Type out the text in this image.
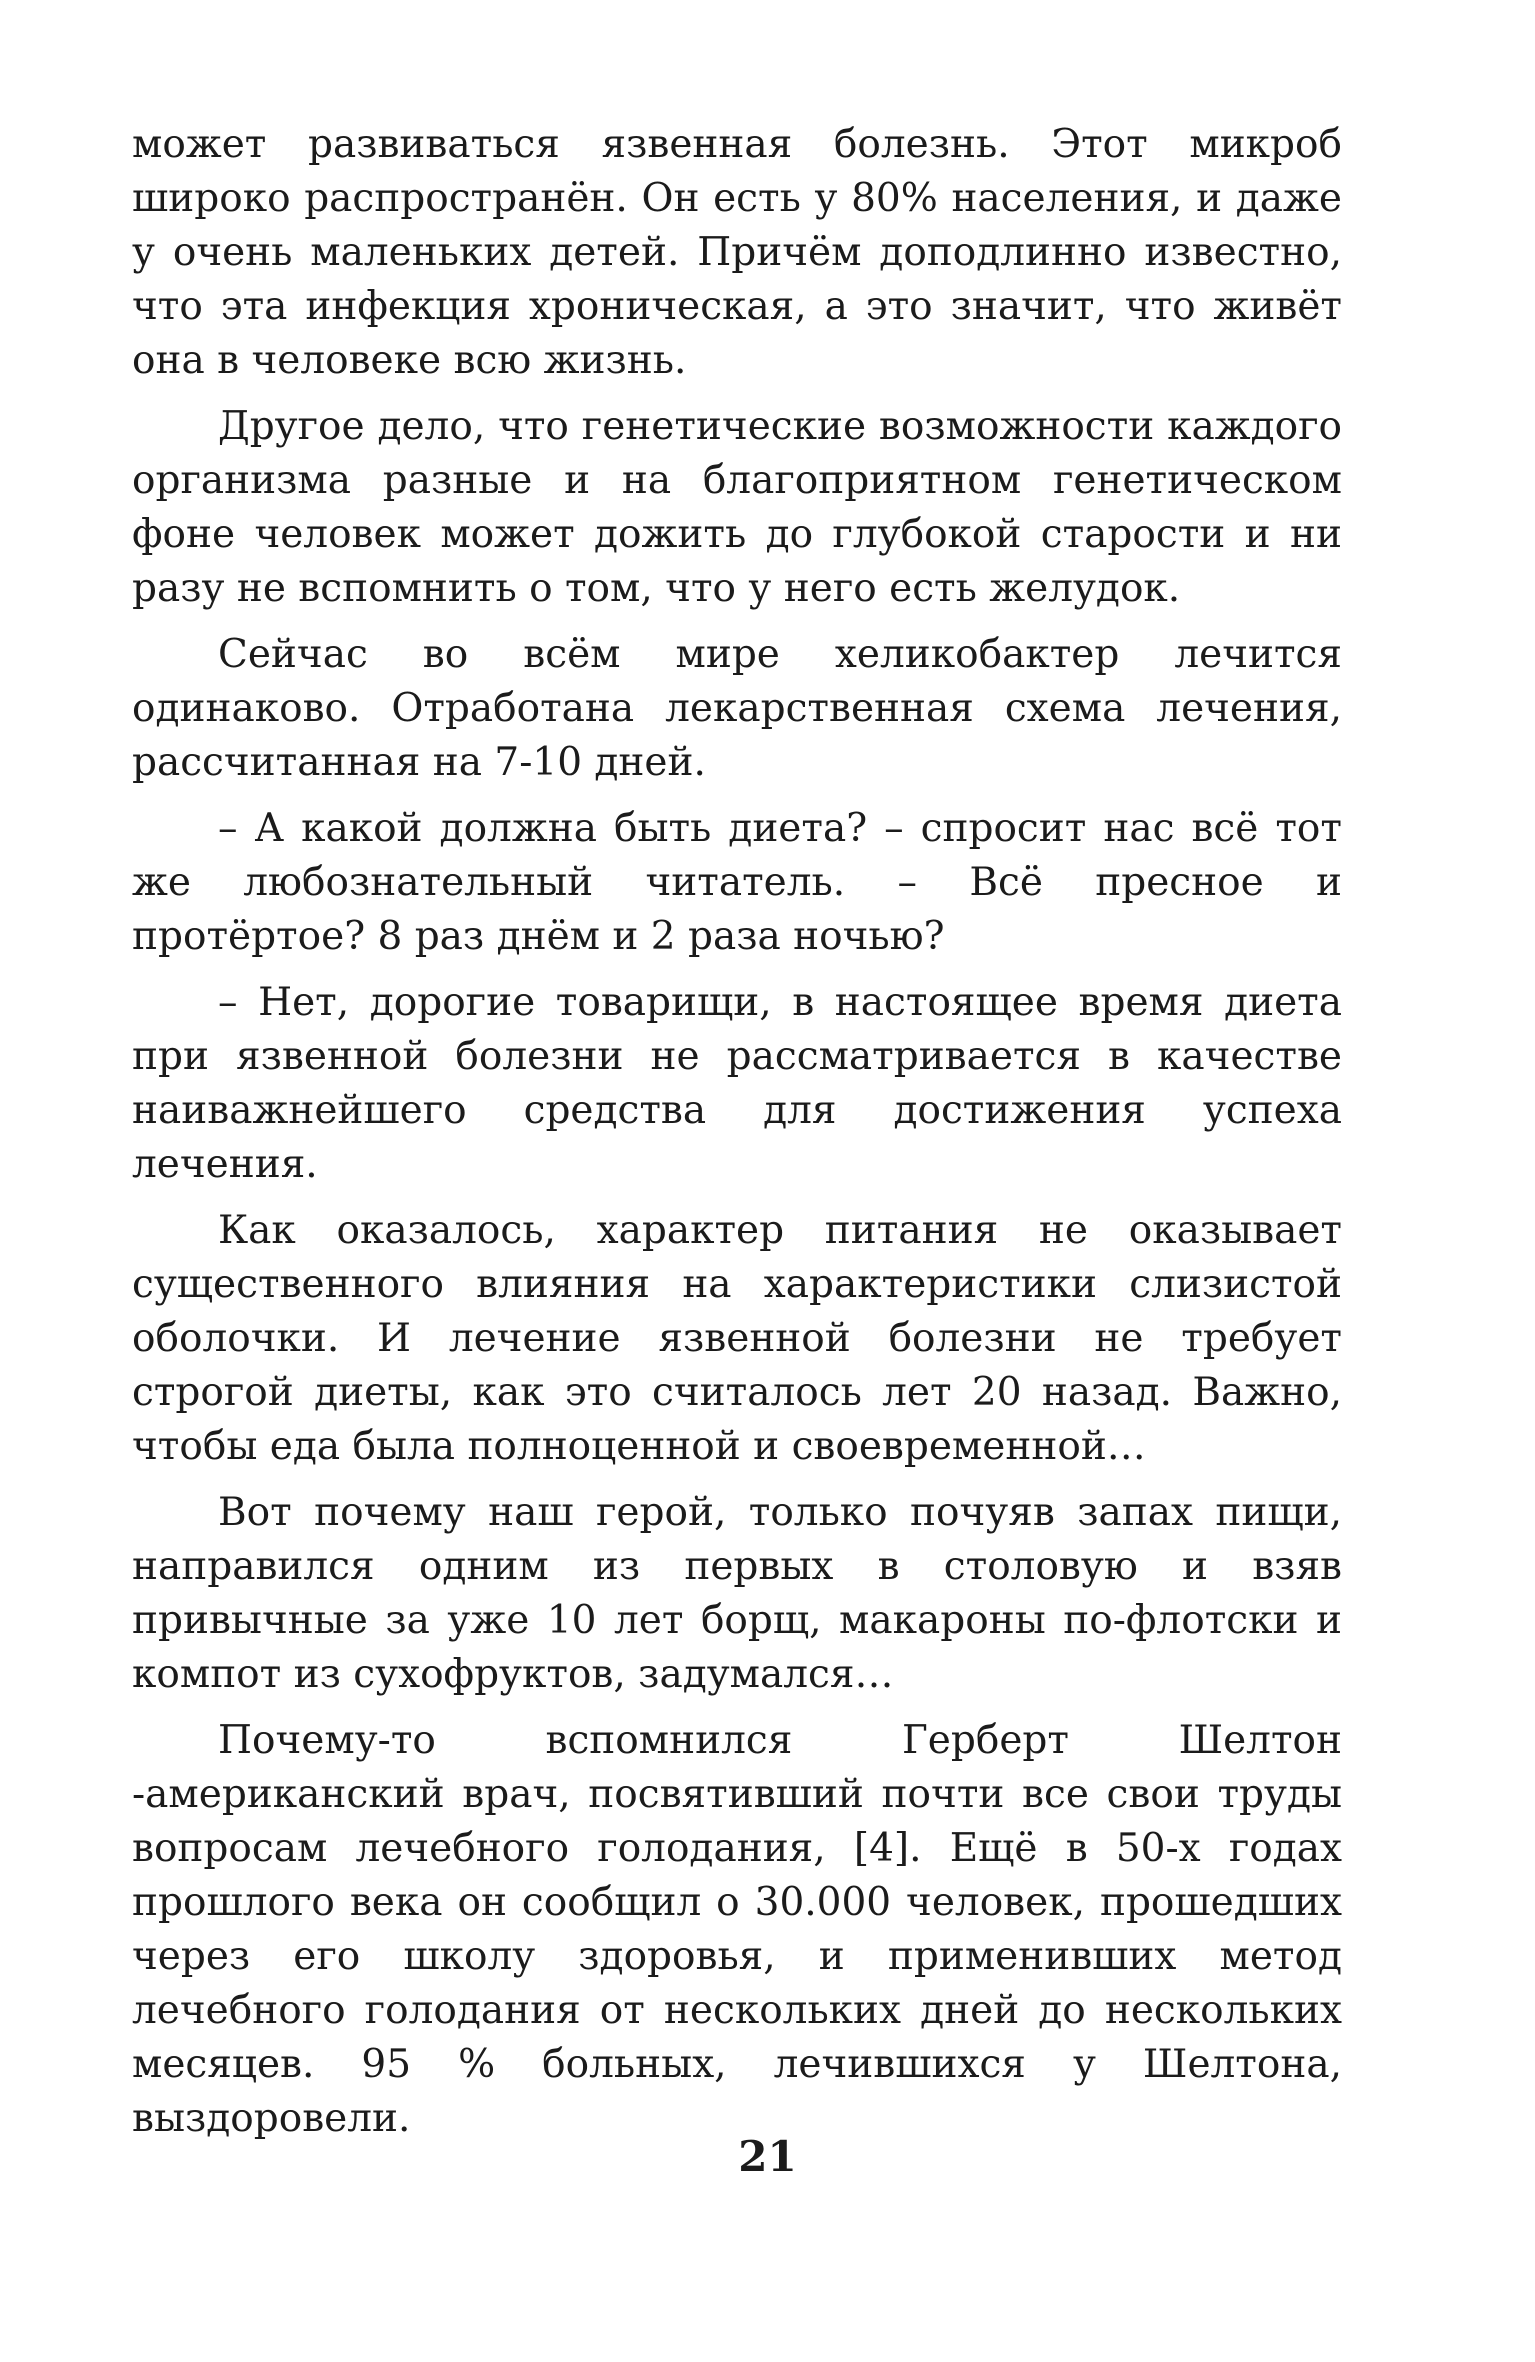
может развиваться язвенная болезнь. Этот микроб широко распространён. Он есть у 80% населения, и даже у очень маленьких детей. Причём доподлинно известно, что эта инфекция хроническая, а это значит, что живёт она в человеке всю жизнь.

Другое дело, что генетические возможности каждого организма разные и на благоприятном генетическом фоне человек может дожить до глубокой старости и ни разу не вспомнить о том, что у него есть желудок.

Сейчас во всём мире хеликобактер лечится одинаково. Отработана лекарственная схема лечения, рассчитанная на 7-10 дней.

– А какой должна быть диета? – спросит нас всё тот же любознательный читатель. – Всё пресное и протёртое? 8 раз днём и 2 раза ночью?

– Нет, дорогие товарищи, в настоящее время диета при язвенной болезни не рассматривается в качестве наиважнейшего средства для достижения успеха лечения.

Как оказалось, характер питания не оказывает существенного влияния на характеристики слизистой оболочки. И лечение язвенной болезни не требует строгой диеты, как это считалось лет 20 назад. Важно, чтобы еда была полноценной и своевременной…

Вот почему наш герой, только почуяв запах пищи, направился одним из первых в столовую и взяв привычные за уже 10 лет борщ, макароны по-флотски и компот из сухофруктов, задумался…

Почему-то вспомнился Герберт Шелтон -американский врач, посвятивший почти все свои труды вопросам лечебного голодания, [4]. Ещё в 50-х годах прошлого века он сообщил о 30.000 человек, прошедших через его школу здоровья, и применивших метод лечебного голодания от нескольких дней до нескольких месяцев. 95 % больных, лечившихся у Шелтона, выздоровели.

21
